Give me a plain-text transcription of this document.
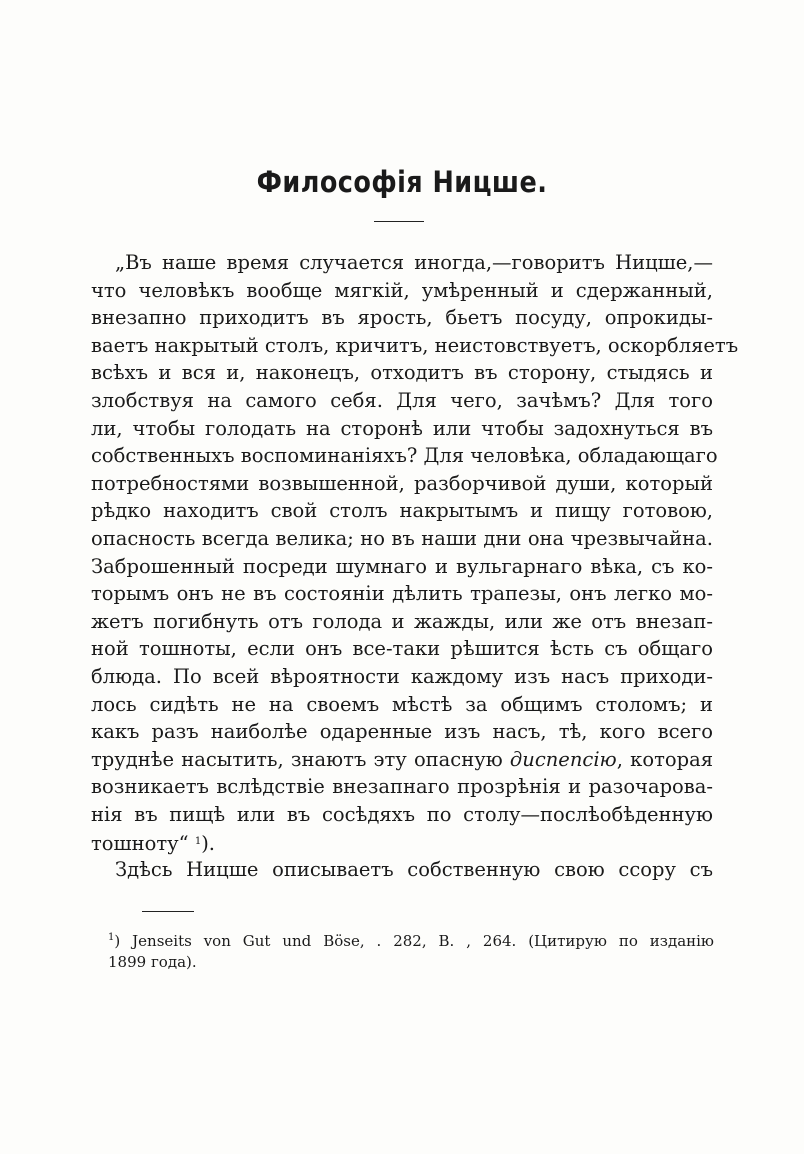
Философія Ницше.
„Въ наше время случается иногда,—говоритъ Ницше,—
что человѣкъ вообще мягкій, умѣренный и сдержанный,
внезапно приходитъ въ ярость, бьетъ посуду, опрокиды-
ваетъ накрытый столъ, кричитъ, неистовствуетъ, оскорбляетъ
всѣхъ и вся и, наконецъ, отходитъ въ сторону, стыдясь и
злобствуя на самого себя. Для чего, зачѣмъ? Для того
ли, чтобы голодать на сторонѣ или чтобы задохнуться въ
собственныхъ воспоминаніяхъ? Для человѣка, обладающаго
потребностями возвышенной, разборчивой души, который
рѣдко находитъ свой столъ накрытымъ и пищу готовою,
опасность всегда велика; но въ наши дни она чрезвычайна.
Заброшенный посреди шумнаго и вульгарнаго вѣка, съ ко-
торымъ онъ не въ состояніи дѣлить трапезы, онъ легко мо-
жетъ погибнуть отъ голода и жажды, или же отъ внезап-
ной тошноты, если онъ все-таки рѣшится ѣсть съ общаго
блюда. По всей вѣроятности каждому изъ насъ приходи-
лось сидѣть не на своемъ мѣстѣ за общимъ столомъ; и
какъ разъ наиболѣе одаренные изъ насъ, тѣ, кого всего
труднѣе насытить, знаютъ эту опасную диспепсію, которая
возникаетъ вслѣдствіе внезапнаго прозрѣнія и разочарова-
нія въ пищѣ или въ сосѣдяхъ по столу—послѣобѣденную
тошноту“ $^1$).
Здѣсь Ницше описываетъ собственную свою ссору съ
$^1$) Jenseits von Gut und Böse, . 282, B. , 264. (Цитирую по изданію
1899 года).
